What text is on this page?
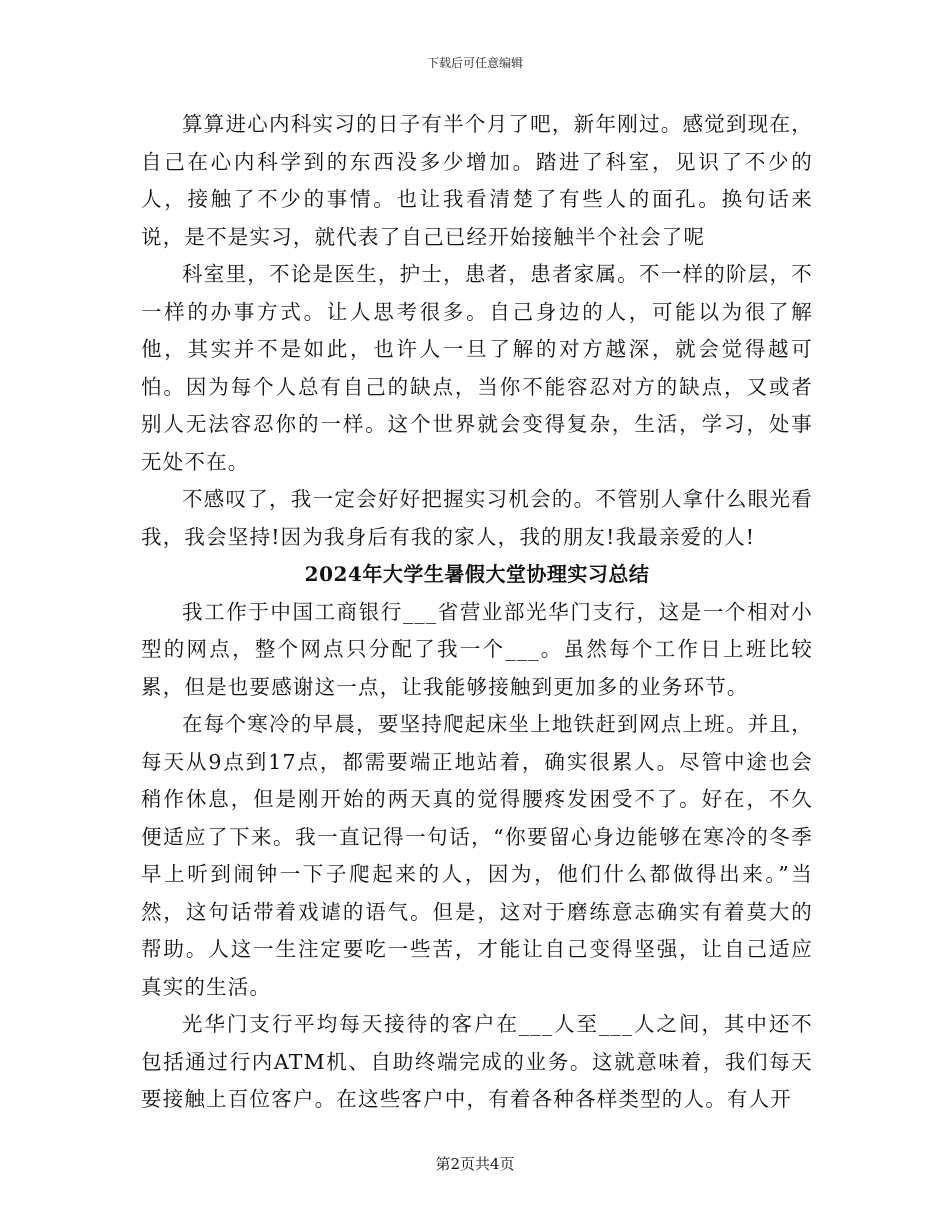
下载后可任意编辑

算算进心内科实习的日子有半个月了吧，新年刚过。感觉到现在，自己在心内科学到的东西没多少增加。踏进了科室，见识了不少的人，接触了不少的事情。也让我看清楚了有些人的面孔。换句话来说，是不是实习，就代表了自己已经开始接触半个社会了呢

科室里，不论是医生，护士，患者，患者家属。不一样的阶层，不一样的办事方式。让人思考很多。自己身边的人，可能以为很了解他，其实并不是如此，也许人一旦了解的对方越深，就会觉得越可怕。因为每个人总有自己的缺点，当你不能容忍对方的缺点，又或者别人无法容忍你的一样。这个世界就会变得复杂，生活，学习，处事无处不在。

不感叹了，我一定会好好把握实习机会的。不管别人拿什么眼光看我，我会坚持!因为我身后有我的家人，我的朋友!我最亲爱的人!

2024年大学生暑假大堂协理实习总结

我工作于中国工商银行___省营业部光华门支行，这是一个相对小型的网点，整个网点只分配了我一个___。虽然每个工作日上班比较累，但是也要感谢这一点，让我能够接触到更加多的业务环节。

在每个寒冷的早晨，要坚持爬起床坐上地铁赶到网点上班。并且，每天从9点到17点，都需要端正地站着，确实很累人。尽管中途也会稍作休息，但是刚开始的两天真的觉得腰疼发困受不了。好在，不久便适应了下来。我一直记得一句话，“你要留心身边能够在寒冷的冬季早上听到闹钟一下子爬起来的人，因为，他们什么都做得出来。”当然，这句话带着戏谑的语气。但是，这对于磨练意志确实有着莫大的帮助。人这一生注定要吃一些苦，才能让自己变得坚强，让自己适应真实的生活。

光华门支行平均每天接待的客户在___人至___人之间，其中还不包括通过行内ATM机、自助终端完成的业务。这就意味着，我们每天要接触上百位客户。在这些客户中，有着各种各样类型的人。有人开

第2页共4页
